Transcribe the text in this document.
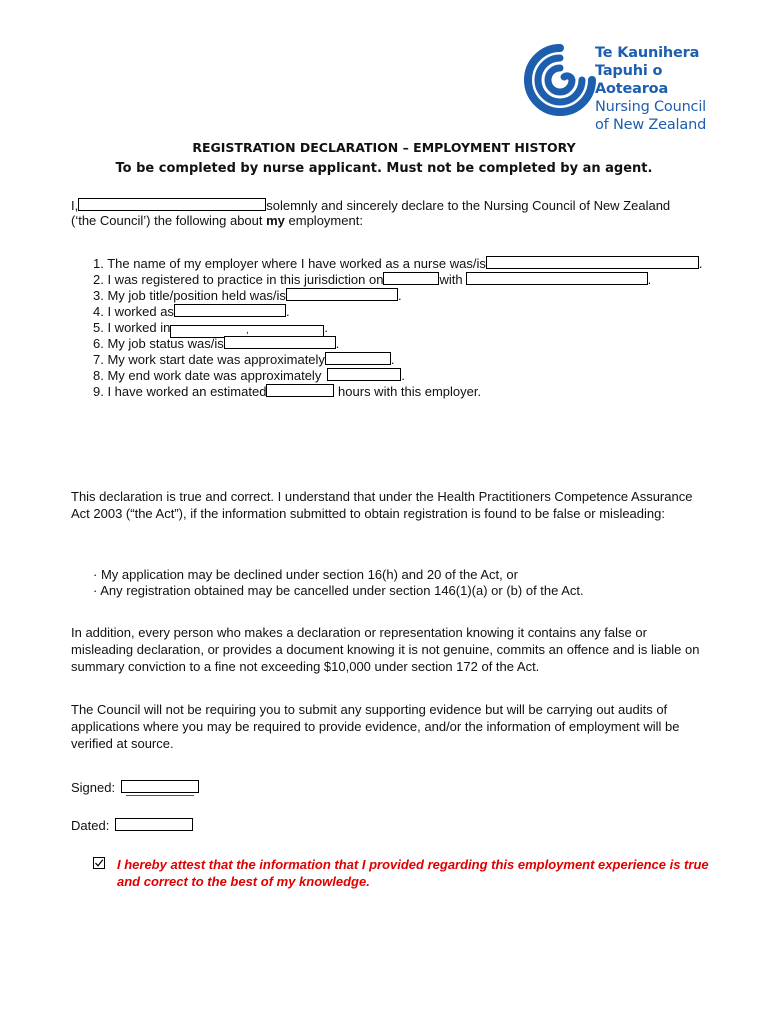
Te Kaunihera
Tapuhi o Aotearoa
Nursing Council
of New Zealand
REGISTRATION DECLARATION – EMPLOYMENT HISTORY
To be completed by nurse applicant. Must not be completed by an agent.
I,	solemnly and sincerely declare to the Nursing Council of New Zealand
(‘the Council’) the following about my employment:
1. The name of my employer where I have worked as a nurse was/is	.
2. I was registered to practice in this jurisdiction on	with	.
3. My job title/position held was/is	.
4. I worked as	.
5. I worked in	,	.
6. My job status was/is	.
7. My work start date was approximately	.
8. My end work date was approximately	.
9. I have worked an estimated	hours with this employer.
This declaration is true and correct. I understand that under the Health Practitioners Competence Assurance Act 2003 (“the Act”), if the information submitted to obtain registration is found to be false or misleading:
· My application may be declined under section 16(h) and 20 of the Act, or
· Any registration obtained may be cancelled under section 146(1)(a) or (b) of the Act.
In addition, every person who makes a declaration or representation knowing it contains any false or misleading declaration, or provides a document knowing it is not genuine, commits an offence and is liable on summary conviction to a fine not exceeding $10,000 under section 172 of the Act.
The Council will not be requiring you to submit any supporting evidence but will be carrying out audits of applications where you may be required to provide evidence, and/or the information of employment will be verified at source.
Signed:
Dated:
I hereby attest that the information that I provided regarding this employment experience is true and correct to the best of my knowledge.
